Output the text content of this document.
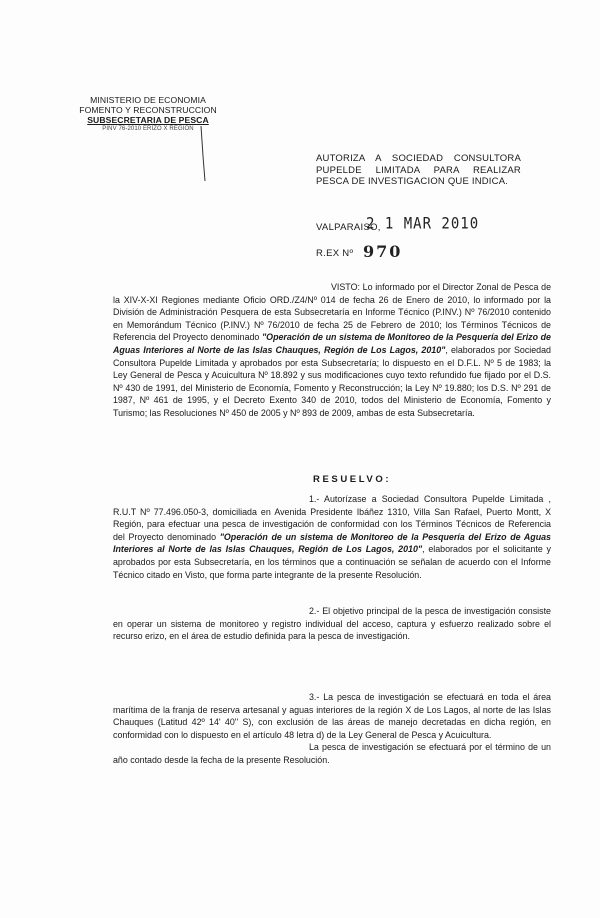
MINISTERIO DE ECONOMIA
FOMENTO Y RECONSTRUCCION
SUBSECRETARIA DE PESCA
PINV 76-2010 ERIZO X REGION
AUTORIZA A SOCIEDAD CONSULTORA PUPELDE LIMITADA PARA REALIZAR PESCA DE INVESTIGACION QUE INDICA.
VALPARAISO,
2 1 MAR 2010
R.EX Nº 970

VISTO: Lo informado por el Director Zonal de Pesca de la XIV-X-XI Regiones mediante Oficio ORD./Z4/Nº 014 de fecha 26 de Enero de 2010, lo informado por la División de Administración Pesquera de esta Subsecretaría en Informe Técnico (P.INV.) Nº 76/2010 contenido en Memorándum Técnico (P.INV.) Nº 76/2010 de fecha 25 de Febrero de 2010; los Términos Técnicos de Referencia del Proyecto denominado "Operación de un sistema de Monitoreo de la Pesquería del Erizo de Aguas Interiores al Norte de las Islas Chauques, Región de Los Lagos, 2010", elaborados por Sociedad Consultora Pupelde Limitada y aprobados por esta Subsecretaría; lo dispuesto en el D.F.L. Nº 5 de 1983; la Ley General de Pesca y Acuicultura Nº 18.892 y sus modificaciones cuyo texto refundido fue fijado por el D.S. Nº 430 de 1991, del Ministerio de Economía, Fomento y Reconstrucción; la Ley Nº 19.880; los D.S. Nº 291 de 1987, Nº 461 de 1995, y el Decreto Exento 340 de 2010, todos del Ministerio de Economía, Fomento y Turismo; las Resoluciones Nº 450 de 2005 y Nº 893 de 2009, ambas de esta Subsecretaría.

RESUELVO:

1.- Autorízase a Sociedad Consultora Pupelde Limitada , R.U.T Nº 77.496.050-3, domiciliada en Avenida Presidente Ibáñez 1310, Villa San Rafael, Puerto Montt, X Región, para efectuar una pesca de investigación de conformidad con los Términos Técnicos de Referencia del Proyecto denominado "Operación de un sistema de Monitoreo de la Pesquería del Erizo de Aguas Interiores al Norte de las Islas Chauques, Región de Los Lagos, 2010", elaborados por el solicitante y aprobados por esta Subsecretaría, en los términos que a continuación se señalan de acuerdo con el Informe Técnico citado en Visto, que forma parte integrante de la presente Resolución.

2.- El objetivo principal de la pesca de investigación consiste en operar un sistema de monitoreo y registro individual del acceso, captura y esfuerzo realizado sobre el recurso erizo, en el área de estudio definida para la pesca de investigación.

3.- La pesca de investigación se efectuará en toda el área marítima de la franja de reserva artesanal y aguas interiores de la región X de Los Lagos, al norte de las Islas Chauques (Latitud 42º 14' 40'' S), con exclusión de las áreas de manejo decretadas en dicha región, en conformidad con lo dispuesto en el artículo 48 letra d) de la Ley General de Pesca y Acuicultura.

La pesca de investigación se efectuará por el término de un año contado desde la fecha de la presente Resolución.
